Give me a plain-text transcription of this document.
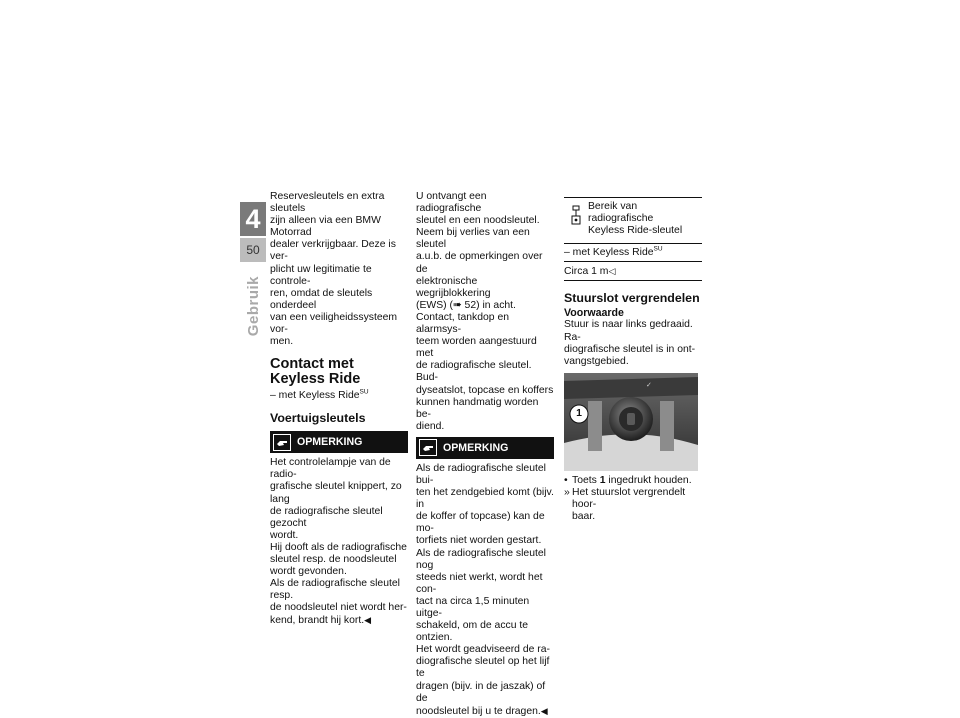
4
50
Gebruik

Reservesleutels en extra sleutels

zijn alleen via een BMW Motorrad

dealer verkrijgbaar. Deze is ver-

plicht uw legitimatie te controle-

ren, omdat de sleutels onderdeel

van een veiligheidssysteem vor-

men.

Contact met
Keyless Ride

– met Keyless Ride$^{SU}$

Voertuigsleutels
OPMERKING

Het controlelampje van de radio-

grafische sleutel knippert, zo lang

de radiografische sleutel gezocht

wordt.

Hij dooft als de radiografische

sleutel resp. de noodsleutel

wordt gevonden.

Als de radiografische sleutel resp.

de noodsleutel niet wordt her-

kend, brandt hij kort.◀

U ontvangt een radiografische

sleutel en een noodsleutel.

Neem bij verlies van een sleutel

a.u.b. de opmerkingen over de

elektronische wegrijblokkering

(EWS) (➠ 52) in acht.

Contact, tankdop en alarmsys-

teem worden aangestuurd met

de radiografische sleutel. Bud-

dyseatslot, topcase en koffers

kunnen handmatig worden be-

diend.

OPMERKING

Als de radiografische sleutel bui-

ten het zendgebied komt (bijv. in

de koffer of topcase) kan de mo-

torfiets niet worden gestart.

Als de radiografische sleutel nog

steeds niet werkt, wordt het con-

tact na circa 1,5 minuten uitge-

schakeld, om de accu te ontzien.

Het wordt geadviseerd de ra-

diografische sleutel op het lijf te

dragen (bijv. in de jaszak) of de

noodsleutel bij u te dragen.◀

Bereik van radiografische
Keyless Ride-sleutel
– met Keyless Ride$^{SU}$
Circa 1 m◁
Stuurslot vergrendelen
Voorwaarde

Stuur is naar links gedraaid. Ra-

diografische sleutel is in ont-

vangstgebied.

✓
1
• Toets 1 ingedrukt houden.
» Het stuurslot vergrendelt hoor-
baar.
